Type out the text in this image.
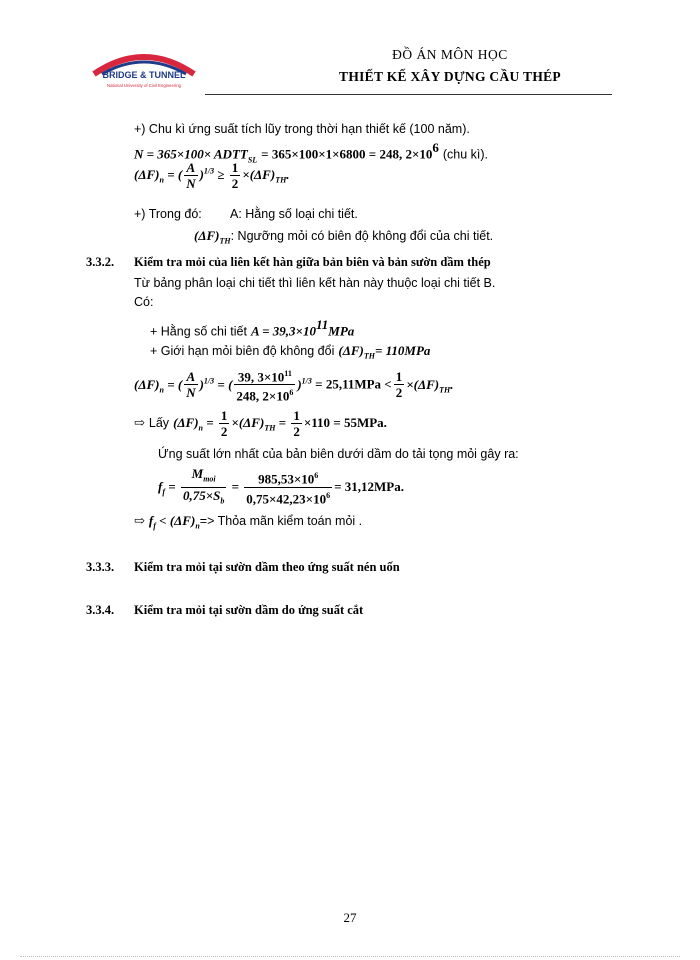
BRIDGE & TUNNEL
National University of Civil Engineering
ĐỒ ÁN MÔN HỌC
THIẾT KẾ XÂY DỰNG CẦU THÉP
+) Chu kì ứng suất tích lũy trong thời hạn thiết kế (100 năm).
$N = 365\times 100\times ADTT_{SL} = 365\times 100\times 1\times 6800 = 248$, $2\times 10^6$ (chu kì).
$(\Delta F)_n$ = ( $\frac{A}{N} )^{1/3} \ge \frac{1}{2} \times(\Delta F)_{TH}$.
+) Trong đó: A: Hằng số loại chi tiết.
$(\Delta F)_{TH}$: Ngưỡng mỏi có biên độ không đổi của chi tiết.
3.3.2. Kiểm tra mỏi của liên kết hàn giữa bản biên và bản sườn dầm thép
Từ bảng phân loại chi tiết thì liên kết hàn này thuộc loại chi tiết B.
Có:
+ Hằng số chi tiết $A = 39,3\times 10^{11}MPa$
+ Giới hạn mỏi biên độ không đổi $(\Delta F)_{TH}= 110MPa$
$(\Delta F)_n$ = ( $\frac{A}{N} )^{1/3}$ = ( $\frac{39, 3\times 10^{11}}{248, 2\times 10^6} )^{1/3} = 25,11MPa < \frac{1}{2} \times(\Delta F)_{TH}$.
⇨ Lấy $(\Delta F)_n = \frac{1}{2} \times(\Delta F)_{TH} = \frac{1}{2} \times 110 = 55MPa$.
Ứng suất lớn nhất của bản biên dưới dầm do tải tọng mỏi gây ra:
$f_f = \frac{M_{moi}}{0,75\times S_b} = \frac{985,53\times 10^6}{0,75\times 42,23\times 10^6} = 31,12MPa$.
⇨ $f_f < (\Delta F)_n=>$ Thỏa mãn kiểm toán mỏi .
3.3.3. Kiểm tra mỏi tại sườn dầm theo ứng suất nén uốn
3.3.4. Kiểm tra mỏi tại sườn dầm do ứng suất cắt
27
